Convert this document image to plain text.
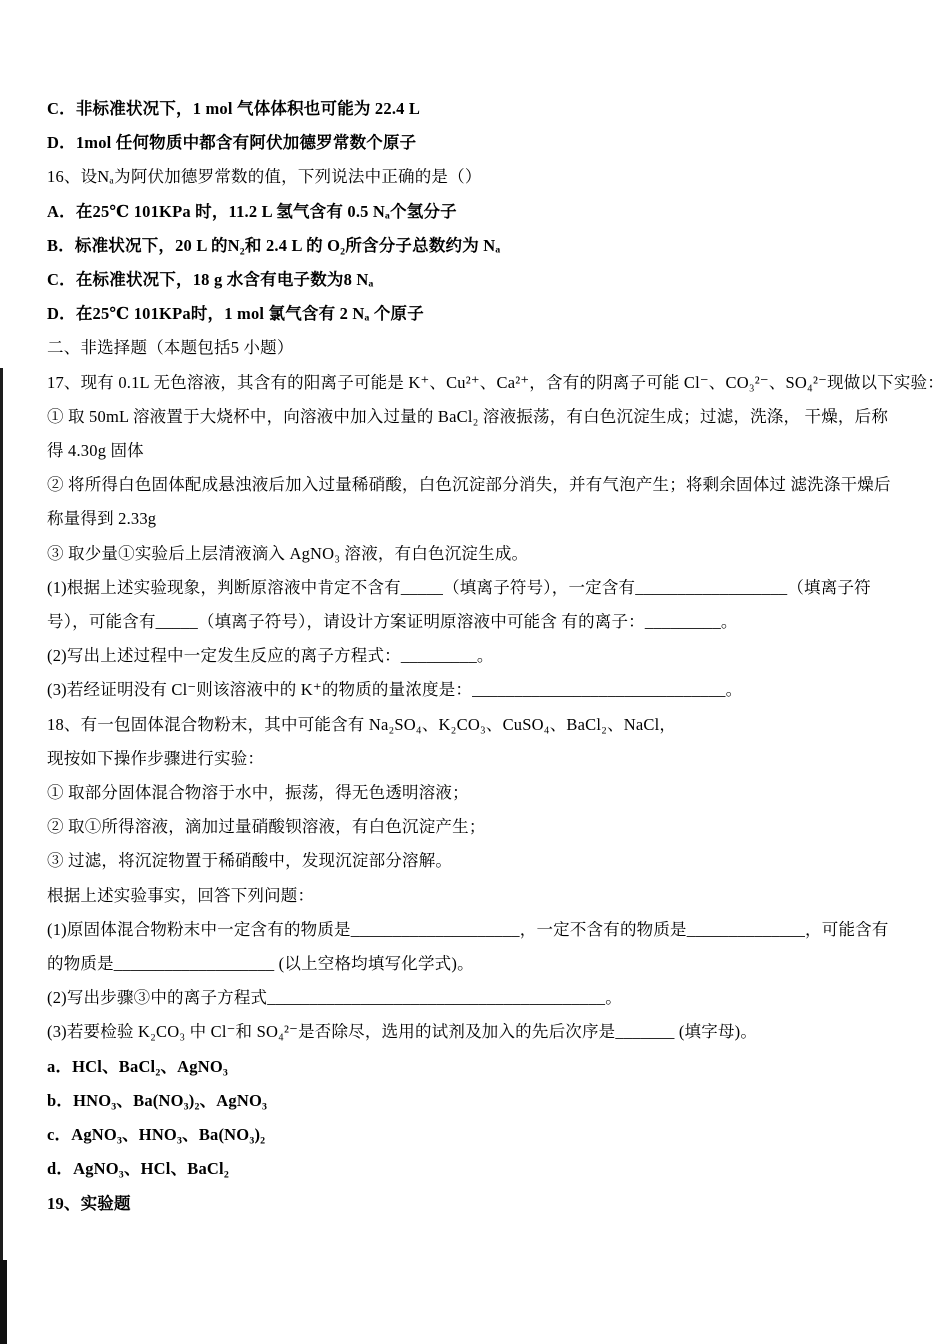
C．非标准状况下，1 mol 气体体积也可能为 22.4 L

D．1mol 任何物质中都含有阿伏加德罗常数个原子

16、设Nₐ为阿伏加德罗常数的值，下列说法中正确的是（）

A．在25℃ 101KPa 时，11.2 L 氢气含有 0.5 Nₐ个氢分子

B．标准状况下，20 L 的N₂和 2.4 L 的 O₂所含分子总数约为 Nₐ

C．在标准状况下，18 g 水含有电子数为8 Nₐ

D．在25℃ 101KPa时，1 mol 氯气含有 2 Nₐ 个原子

二、非选择题（本题包括5 小题）

17、现有 0.1L 无色溶液，其含有的阳离子可能是 K⁺、Cu²⁺、Ca²⁺，含有的阴离子可能 Cl⁻、CO₃²⁻、SO₄²⁻现做以下实验：

① 取 50mL 溶液置于大烧杯中，向溶液中加入过量的 BaCl₂ 溶液振荡，有白色沉淀生成；过滤，洗涤， 干燥，后称

得 4.30g 固体

② 将所得白色固体配成悬浊液后加入过量稀硝酸，白色沉淀部分消失，并有气泡产生；将剩余固体过 滤洗涤干燥后

称量得到 2.33g

③ 取少量①实验后上层清液滴入 AgNO₃ 溶液，有白色沉淀生成。

(1)根据上述实验现象，判断原溶液中肯定不含有_____（填离子符号），一定含有__________________（填离子符

号），可能含有_____（填离子符号），请设计方案证明原溶液中可能含 有的离子：_________。

(2)写出上述过程中一定发生反应的离子方程式：_________。

(3)若经证明没有 Cl⁻则该溶液中的 K⁺的物质的量浓度是：______________________________。

18、有一包固体混合物粉末，其中可能含有 Na₂SO₄、K₂CO₃、CuSO₄、BaCl₂、NaCl，

现按如下操作步骤进行实验：

① 取部分固体混合物溶于水中，振荡，得无色透明溶液；

② 取①所得溶液，滴加过量硝酸钡溶液，有白色沉淀产生；

③ 过滤，将沉淀物置于稀硝酸中，发现沉淀部分溶解。

根据上述实验事实，回答下列问题：

(1)原固体混合物粉末中一定含有的物质是____________________，一定不含有的物质是______________，可能含有

的物质是___________________ (以上空格均填写化学式)。

(2)写出步骤③中的离子方程式________________________________________。

(3)若要检验 K₂CO₃ 中 Cl⁻和 SO₄²⁻是否除尽，选用的试剂及加入的先后次序是_______ (填字母)。

a．HCl、BaCl₂、AgNO₃

b．HNO₃、Ba(NO₃)₂、AgNO₃

c．AgNO₃、HNO₃、Ba(NO₃)₂

d．AgNO₃、HCl、BaCl₂

19、实验题
